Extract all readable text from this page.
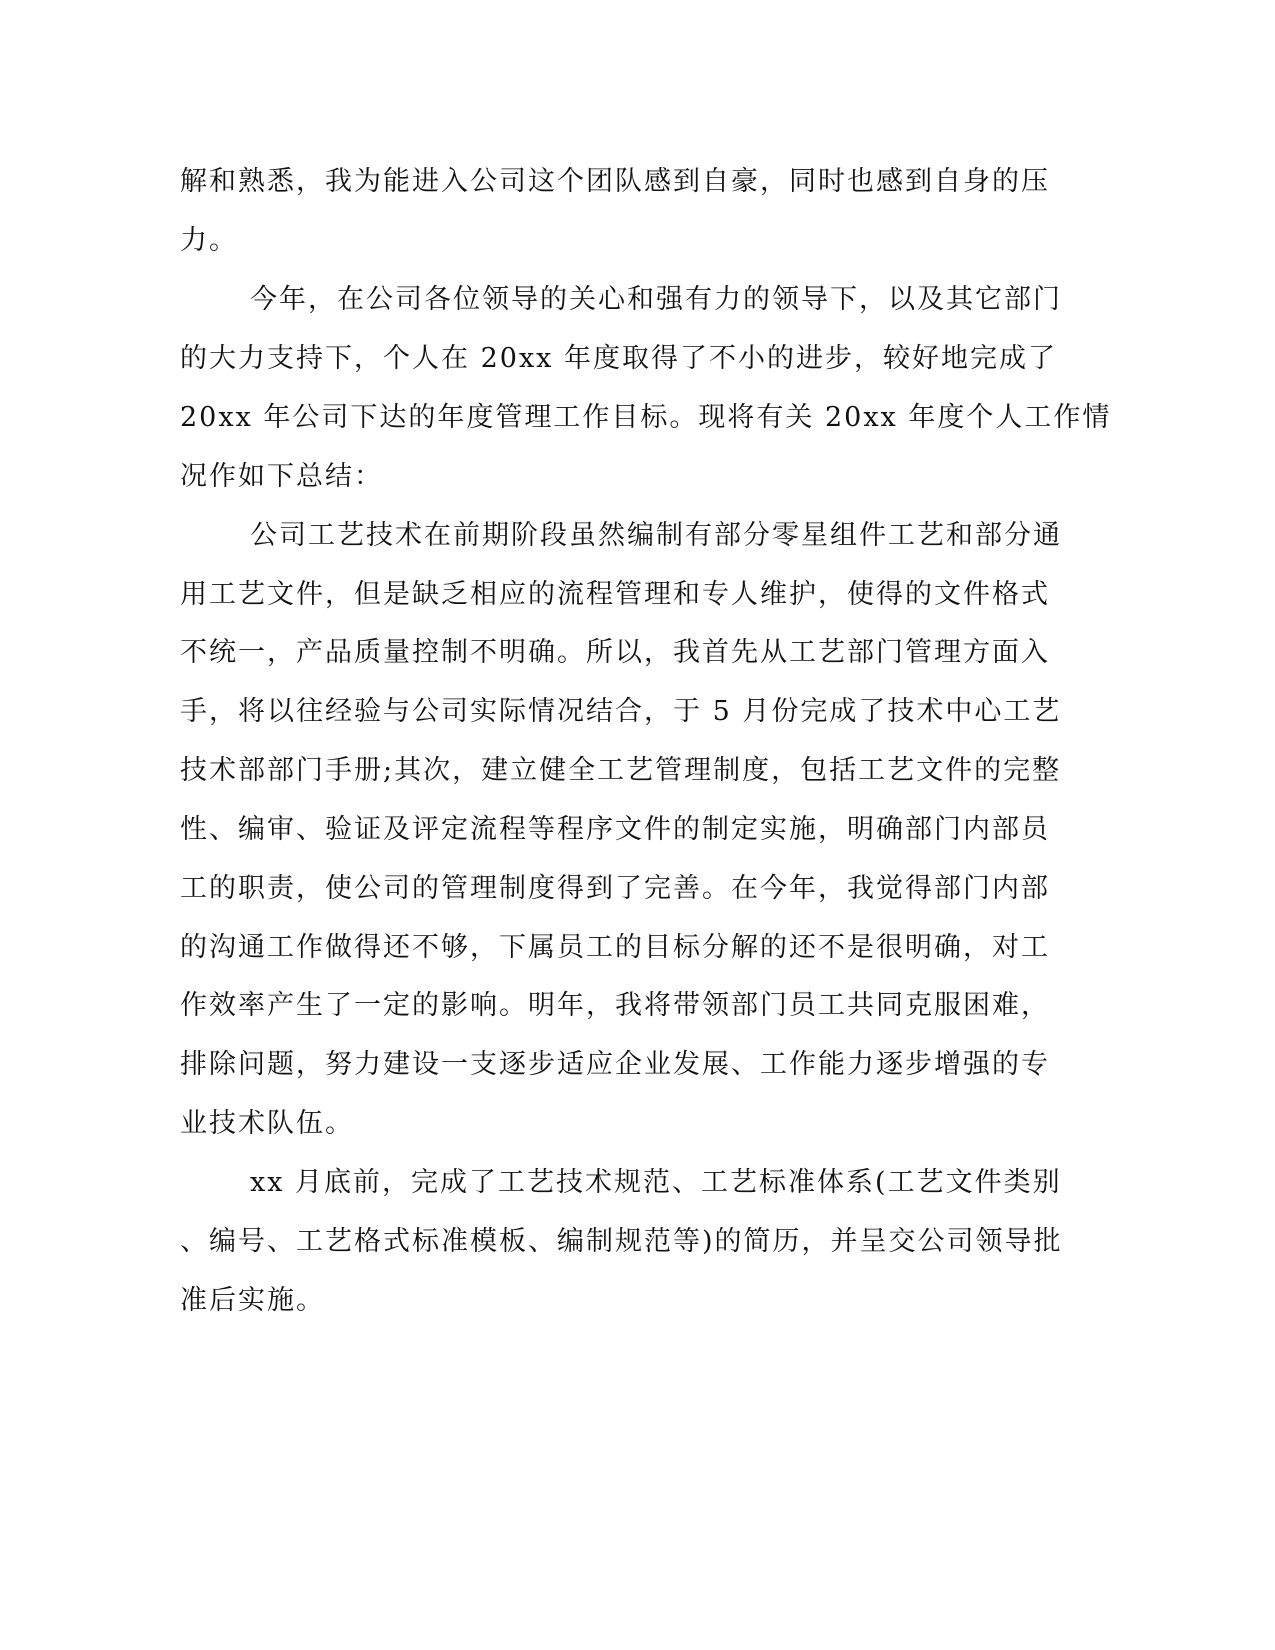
解和熟悉，我为能进入公司这个团队感到自豪，同时也感到自身的压
力。
今年，在公司各位领导的关心和强有力的领导下，以及其它部门
的大力支持下，个人在 20xx 年度取得了不小的进步，较好地完成了
20xx 年公司下达的年度管理工作目标。现将有关 20xx 年度个人工作情
况作如下总结：
公司工艺技术在前期阶段虽然编制有部分零星组件工艺和部分通
用工艺文件，但是缺乏相应的流程管理和专人维护，使得的文件格式
不统一，产品质量控制不明确。所以，我首先从工艺部门管理方面入
手，将以往经验与公司实际情况结合，于 5 月份完成了技术中心工艺
技术部部门手册;其次，建立健全工艺管理制度，包括工艺文件的完整
性、编审、验证及评定流程等程序文件的制定实施，明确部门内部员
工的职责，使公司的管理制度得到了完善。在今年，我觉得部门内部
的沟通工作做得还不够，下属员工的目标分解的还不是很明确，对工
作效率产生了一定的影响。明年，我将带领部门员工共同克服困难，
排除问题，努力建设一支逐步适应企业发展、工作能力逐步增强的专
业技术队伍。
xx 月底前，完成了工艺技术规范、工艺标准体系(工艺文件类别
、编号、工艺格式标准模板、编制规范等)的简历，并呈交公司领导批
准后实施。
